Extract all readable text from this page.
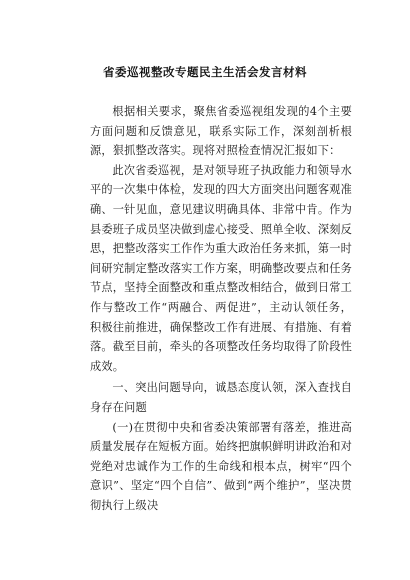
省委巡视整改专题民主生活会发言材料

根据相关要求，聚焦省委巡视组发现的4个主要方面问题和反馈意见，联系实际工作，深刻剖析根源，狠抓整改落实。现将对照检查情况汇报如下：

此次省委巡视，是对领导班子执政能力和领导水平的一次集中体检，发现的四大方面突出问题客观准确、一针见血，意见建议明确具体、非常中肯。作为县委班子成员坚决做到虚心接受、照单全收、深刻反思，把整改落实工作作为重大政治任务来抓，第一时间研究制定整改落实工作方案，明确整改要点和任务节点，坚持全面整改和重点整改相结合，做到日常工作与整改工作“两融合、两促进”，主动认领任务，积极往前推进，确保整改工作有进展、有措施、有着落。截至目前，牵头的各项整改任务均取得了阶段性成效。

一、突出问题导向，诚恳态度认领，深入查找自身存在问题

(一)在贯彻中央和省委决策部署有落差，推进高质量发展存在短板方面。始终把旗帜鲜明讲政治和对党绝对忠诚作为工作的生命线和根本点，树牢“四个意识”、坚定“四个自信”、做到“两个维护”，坚决贯彻执行上级决
